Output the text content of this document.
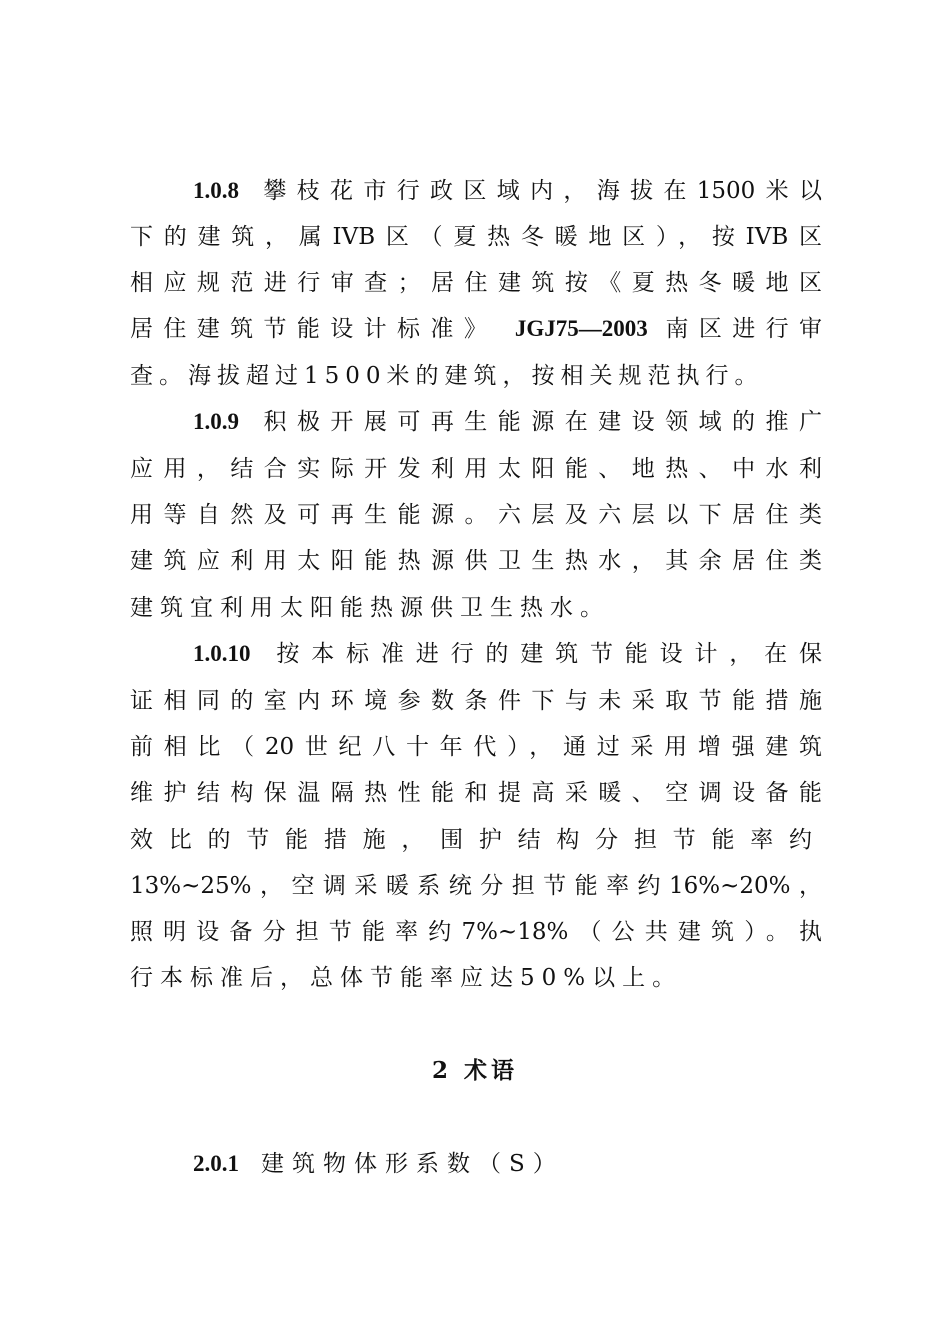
1.0.8 攀枝花市行政区域内，海拔在1500米以
下的建筑，属IVB区（夏热冬暖地区），按IVB区
相应规范进行审查；居住建筑按《夏热冬暖地区
居住建筑节能设计标准》 JGJ75—2003 南区进行审
查。海拔超过1500米的建筑，按相关规范执行。
1.0.9 积极开展可再生能源在建设领域的推广
应用，结合实际开发利用太阳能、地热、中水利
用等自然及可再生能源。六层及六层以下居住类
建筑应利用太阳能热源供卫生热水，其余居住类
建筑宜利用太阳能热源供卫生热水。
1.0.10 按本标准进行的建筑节能设计，在保
证相同的室内环境参数条件下与未采取节能措施
前相比（20世纪八十年代），通过采用增强建筑
维护结构保温隔热性能和提高采暖、空调设备能
效比的节能措施，围护结构分担节能率约
13%~25%，空调采暖系统分担节能率约16%~20%，
照明设备分担节能率约7%~18%（公共建筑）。执
行本标准后，总体节能率应达50%以上。
2 术语
2.0.1 建筑物体形系数（S）
